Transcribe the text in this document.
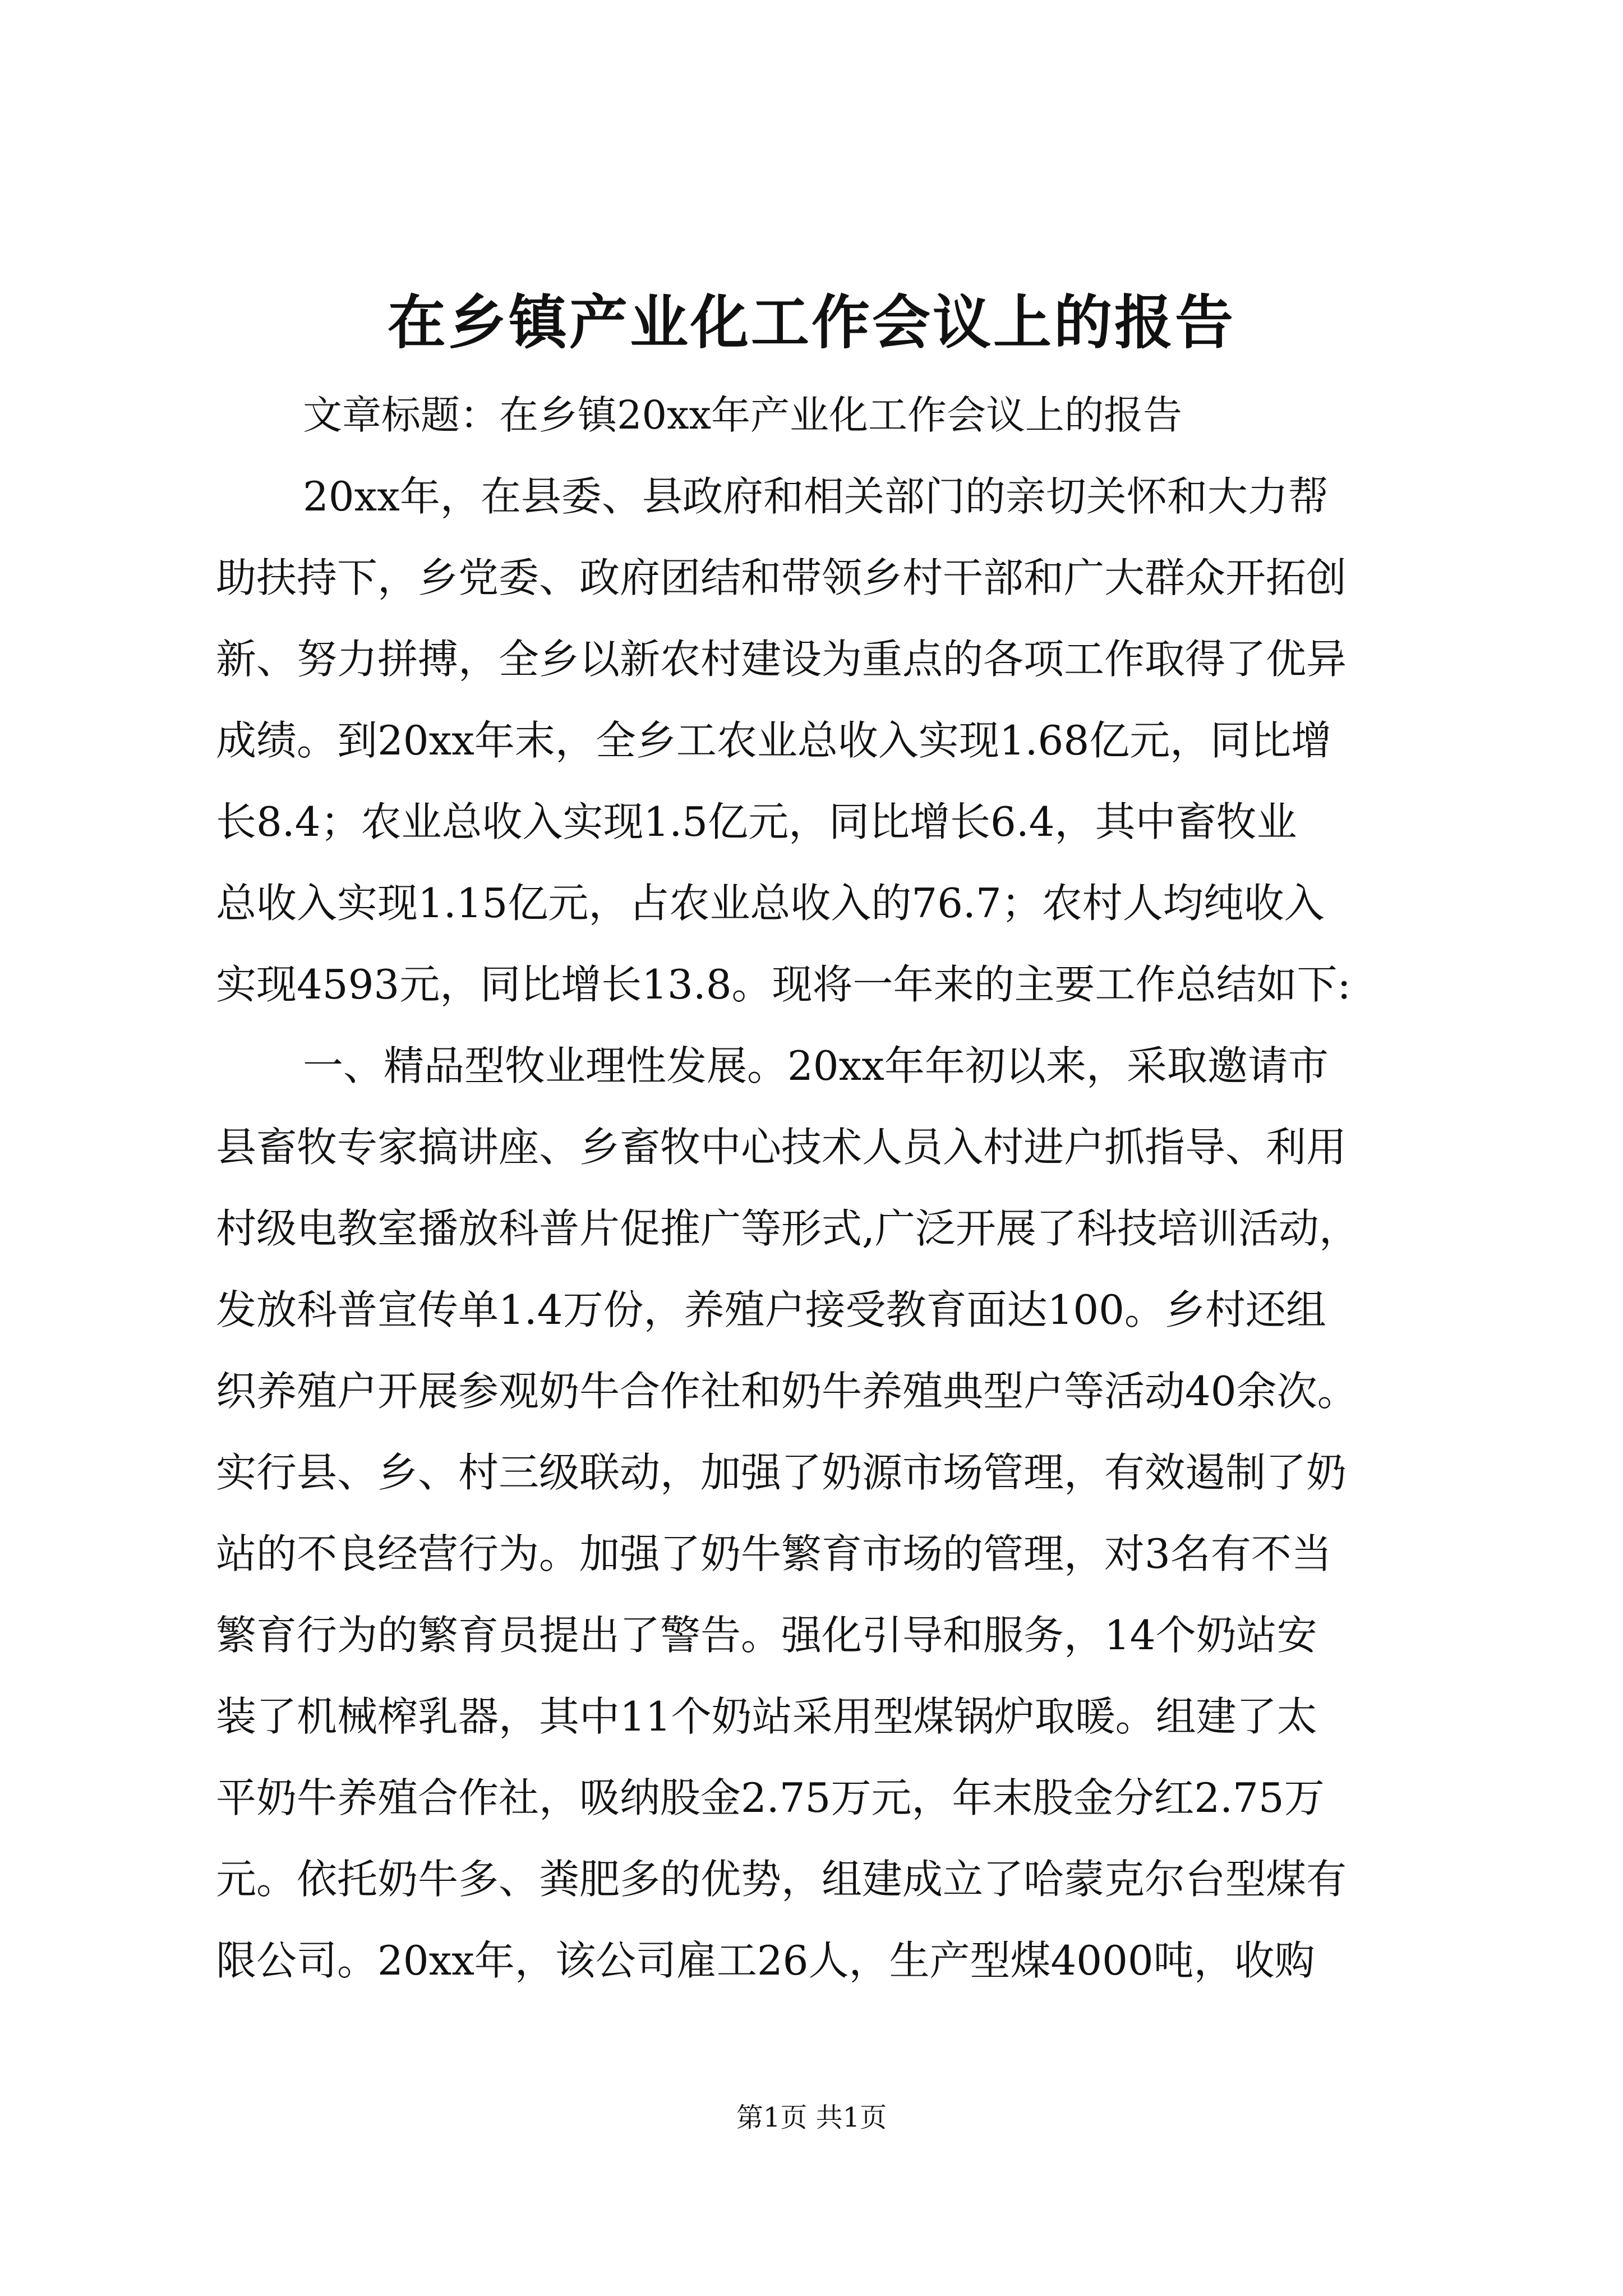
在乡镇产业化工作会议上的报告

文章标题：在乡镇20xx年产业化工作会议上的报告

20xx年，在县委、县政府和相关部门的亲切关怀和大力帮

助扶持下，乡党委、政府团结和带领乡村干部和广大群众开拓创

新、努力拼搏，全乡以新农村建设为重点的各项工作取得了优异

成绩。到20xx年末，全乡工农业总收入实现1.68亿元，同比增

长8.4；农业总收入实现1.5亿元，同比增长6.4，其中畜牧业

总收入实现1.15亿元，占农业总收入的76.7；农村人均纯收入

实现4593元，同比增长13.8。现将一年来的主要工作总结如下:

一、精品型牧业理性发展。20xx年年初以来，采取邀请市

县畜牧专家搞讲座、乡畜牧中心技术人员入村进户抓指导、利用

村级电教室播放科普片促推广等形式,广泛开展了科技培训活动，

发放科普宣传单1.4万份，养殖户接受教育面达100。乡村还组

织养殖户开展参观奶牛合作社和奶牛养殖典型户等活动40余次。

实行县、乡、村三级联动，加强了奶源市场管理，有效遏制了奶

站的不良经营行为。加强了奶牛繁育市场的管理，对3名有不当

繁育行为的繁育员提出了警告。强化引导和服务，14个奶站安

装了机械榨乳器，其中11个奶站采用型煤锅炉取暖。组建了太

平奶牛养殖合作社，吸纳股金2.75万元，年末股金分红2.75万

元。依托奶牛多、粪肥多的优势，组建成立了哈蒙克尔台型煤有

限公司。20xx年，该公司雇工26人，生产型煤4000吨，收购

第1页 共1页
